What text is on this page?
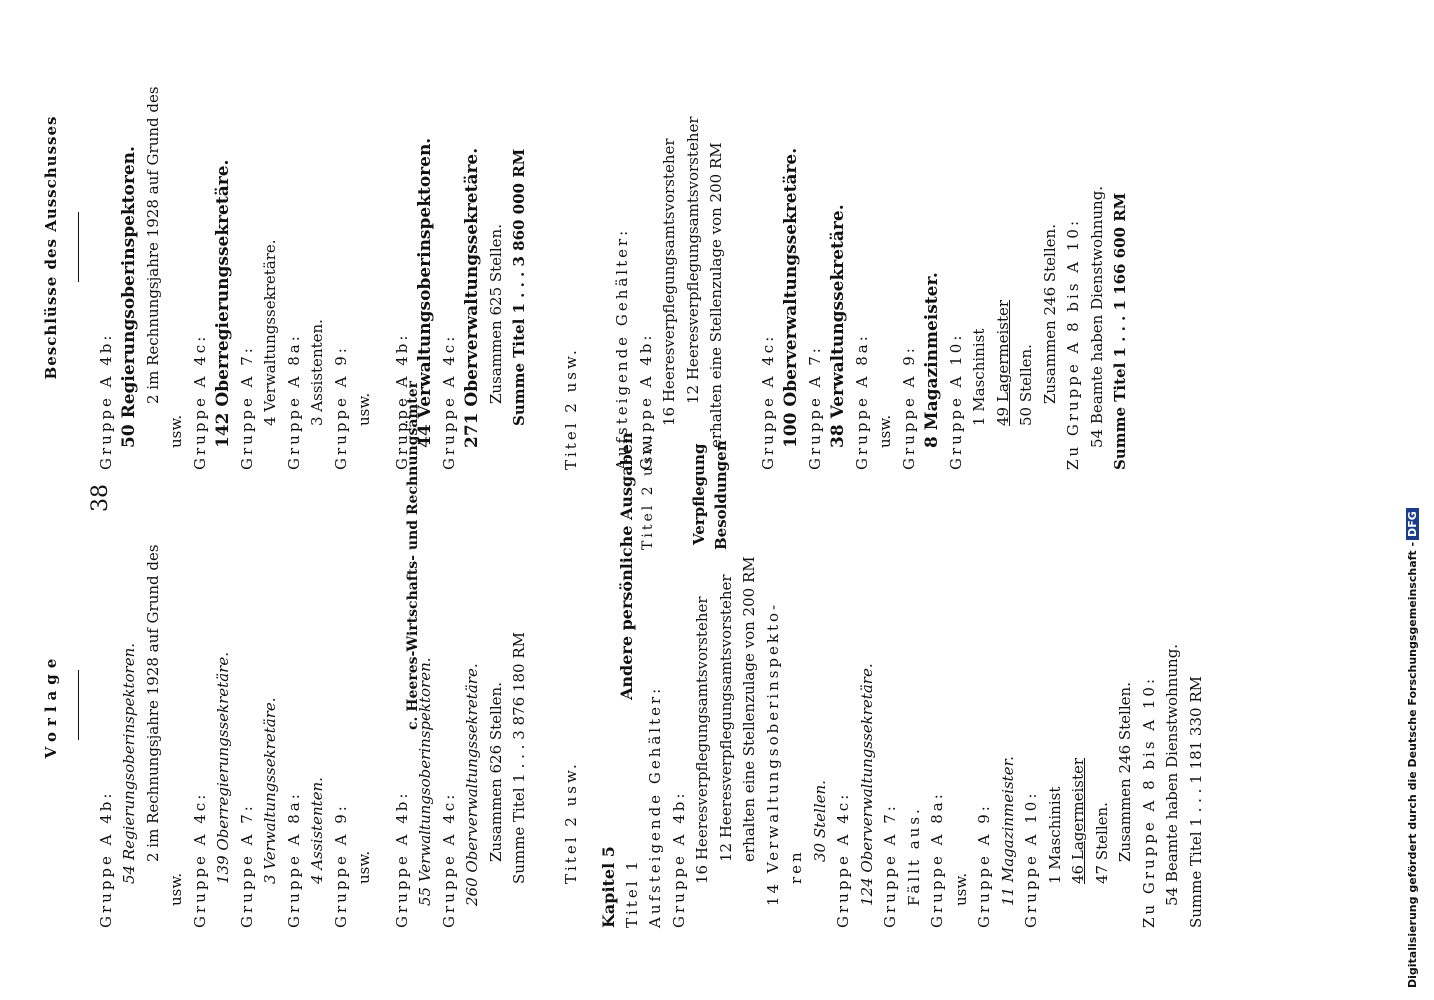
38
Vorlage
Gruppe A 4b: 54 Regierungsoberinspektoren. 2 im Rechnungsjahre 1928 auf Grund des
usw. Gruppe A 4c: 139 Oberregierungssekretäre. Gruppe A 7: 3 Verwaltungssekretäre. Gruppe A 8a: 4 Assistenten. Gruppe A 9: usw. Gruppe A 4b: 55 Verwaltungsoberinspektoren. Gruppe A 4c: 260 Oberverwaltungssekretäre. Zusammen 626 Stellen. Summe Titel 1 . . . 3 876 180 RM Titel 2 usw.
Kapitel 5 Titel 1 Aufsteigende Gehälter: Gruppe A 4b: 16 Heeresverpflegungsamtsvorsteher 12 Heeresverpflegungsamtsvorsteher erhalten eine Stellenzulage von 200 RM 14 Verwaltungsoberinspekto- ren
30 Stellen. Gruppe A 4c: 124 Oberverwaltungssekretäre. Gruppe A 7: Fällt aus. Gruppe A 8a: usw. Gruppe A 9: 11 Magazinmeister. Gruppe A 10: 1 Maschinist 46 Lagermeister 47 Stellen. Zusammen 246 Stellen. Zu Gruppe A 8 bis A 10: 54 Beamte haben Dienstwohnung. Summe Titel 1 . . . 1 181 330 RM
Beschlüsse des Ausschusses
Gruppe A 4b: 50 Regierungsoberinspektoren. 2 im Rechnungsjahre 1928 auf Grund des
usw. Gruppe A 4c: 142 Oberregierungssekretäre. Gruppe A 7: 4 Verwaltungssekretäre. Gruppe A 8a: 3 Assistenten. Gruppe A 9: usw. Gruppe A 4b: 44 Verwaltungsoberinspektoren. Gruppe A 4c: 271 Oberverwaltungssekretäre. Zusammen 625 Stellen. Summe Titel 1 . . . 3 860 000 RM Titel 2 usw. Aufsteigende Gehälter: Gruppe A 4b: 16 Heeresverpflegungsamtsvorsteher 12 Heeresverpflegungsamtsvorsteher erhalten eine Stellenzulage von 200 RM Gruppe A 4c: 100 Oberverwaltungssekretäre. Gruppe A 7: 38 Verwaltungssekretäre. Gruppe A 8a: usw. Gruppe A 9: 8 Magazinmeister. Gruppe A 10: 1 Maschinist 49 Lagermeister 50 Stellen. Zusammen 246 Stellen. Zu Gruppe A 8 bis A 10: 54 Beamte haben Dienstwohnung. Summe Titel 1 . . . 1 166 600 RM
c. Heeres-Wirtschafts- und Rechnungsämter	Andere persönliche Ausgaben Titel 2 usw. Verpflegung Besoldungen
Digitalisierung gefördert durch die Deutsche Forschungsgemeinschaft -DFG
